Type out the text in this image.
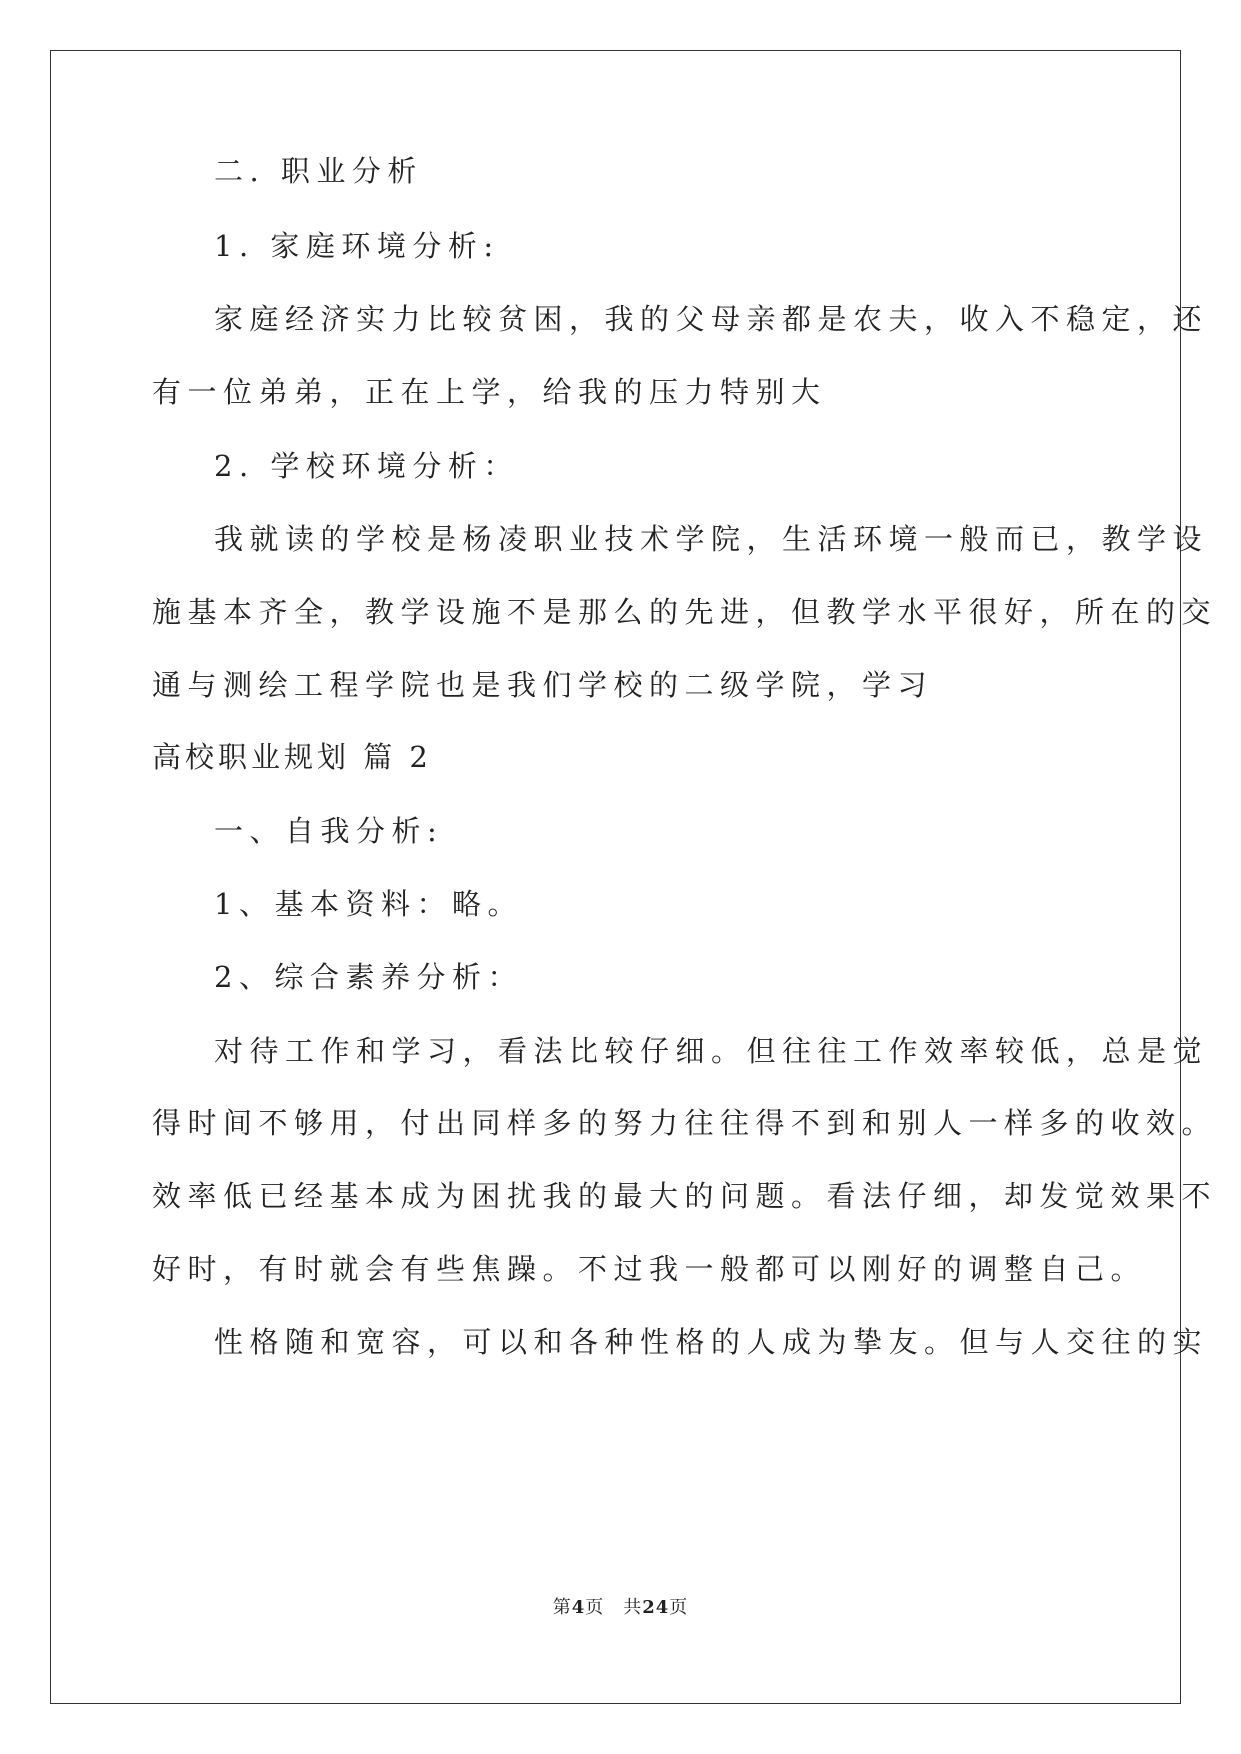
二. 职业分析

1. 家庭环境分析:

家庭经济实力比较贫困，我的父母亲都是农夫，收入不稳定，还

有一位弟弟，正在上学，给我的压力特别大

2. 学校环境分析：

我就读的学校是杨凌职业技术学院，生活环境一般而已，教学设

施基本齐全，教学设施不是那么的先进，但教学水平很好，所在的交

通与测绘工程学院也是我们学校的二级学院，学习

高校职业规划 篇 2

一、自我分析:

1、基本资料：略。

2、综合素养分析：

对待工作和学习，看法比较仔细。但往往工作效率较低，总是觉

得时间不够用，付出同样多的努力往往得不到和别人一样多的收效。

效率低已经基本成为困扰我的最大的问题。看法仔细，却发觉效果不

好时，有时就会有些焦躁。不过我一般都可以刚好的调整自己。

性格随和宽容，可以和各种性格的人成为挚友。但与人交往的实

第4页　共24页
